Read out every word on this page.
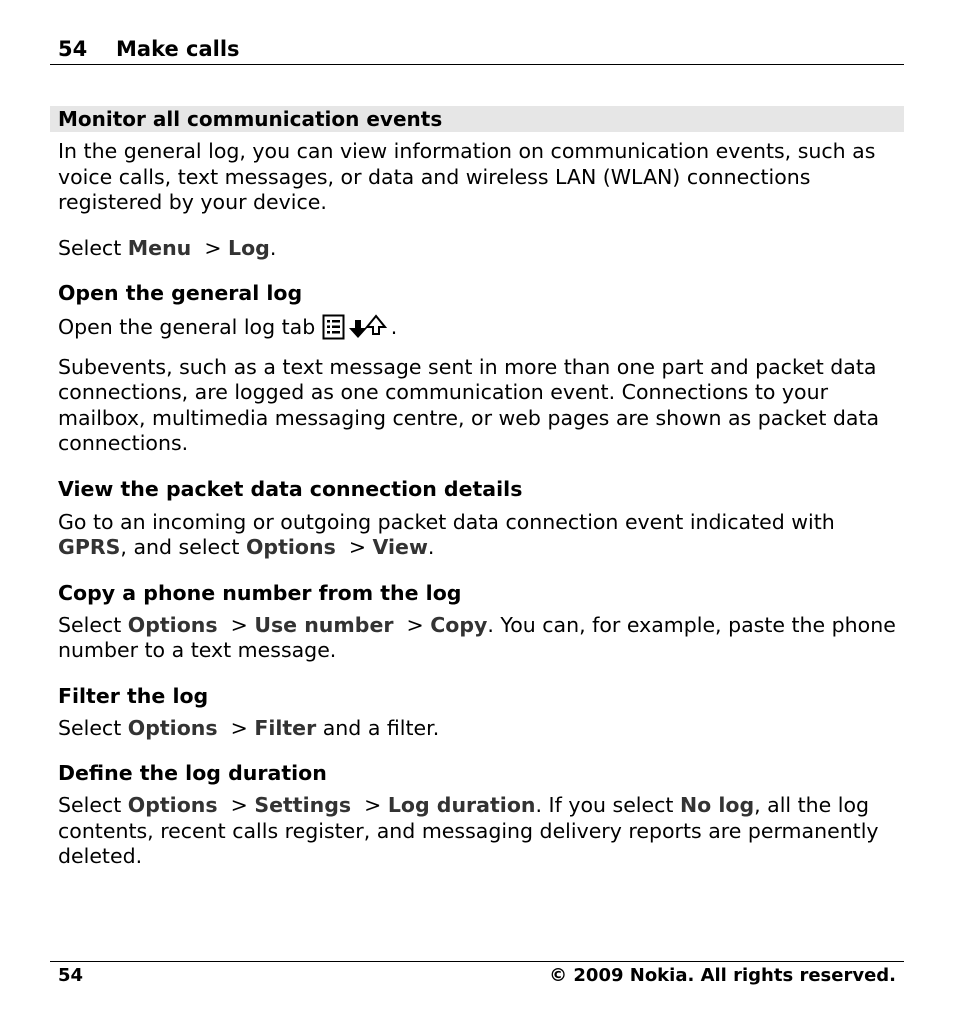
54 Make calls
Monitor all communication events
In the general log, you can view information on communication events, such as voice calls, text messages, or data and wireless LAN (WLAN) connections registered by your device.
Select Menu  > Log.
Open the general log
Open the general log tab	.
Subevents, such as a text message sent in more than one part and packet data connections, are logged as one communication event. Connections to your mailbox, multimedia messaging centre, or web pages are shown as packet data connections.
View the packet data connection details
Go to an incoming or outgoing packet data connection event indicated with GPRS, and select Options  > View.
Copy a phone number from the log
Select Options  > Use number  > Copy. You can, for example, paste the phone number to a text message.
Filter the log
Select Options  > Filter and a filter.
Define the log duration
Select Options  > Settings  > Log duration. If you select No log, all the log contents, recent calls register, and messaging delivery reports are permanently deleted.
54	© 2009 Nokia. All rights reserved.
